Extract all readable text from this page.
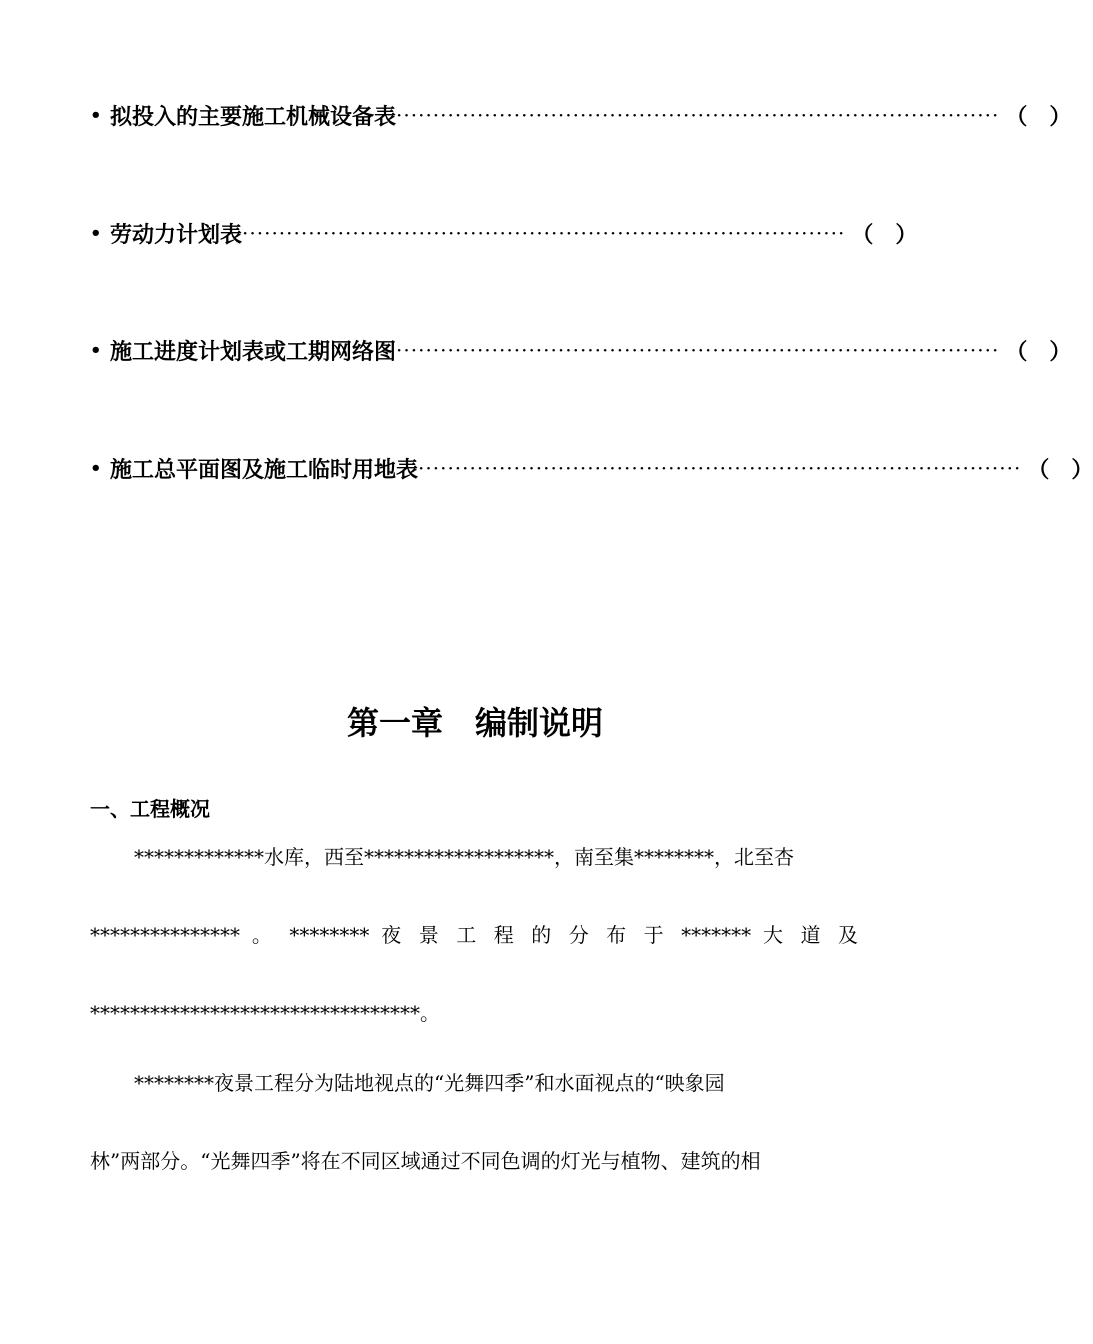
• 拟投入的主要施工机械设备表 ·················································································· （　）
• 劳动力计划表 ·················································································· （　）
• 施工进度计划表或工期网络图 ·················································································· （　）
• 施工总平面图及施工临时用地表 ·················································································· （　）
第一章　编制说明
一、工程概况
*************水库，西至*******************，南至集********，北至杏
*************** 。 ******** 夜 景 工 程 的 分 布 于 ******* 大 道 及
*********************************。
********夜景工程分为陆地视点的“光舞四季”和水面视点的“映象园
林”两部分。“光舞四季”将在不同区域通过不同色调的灯光与植物、建筑的相
